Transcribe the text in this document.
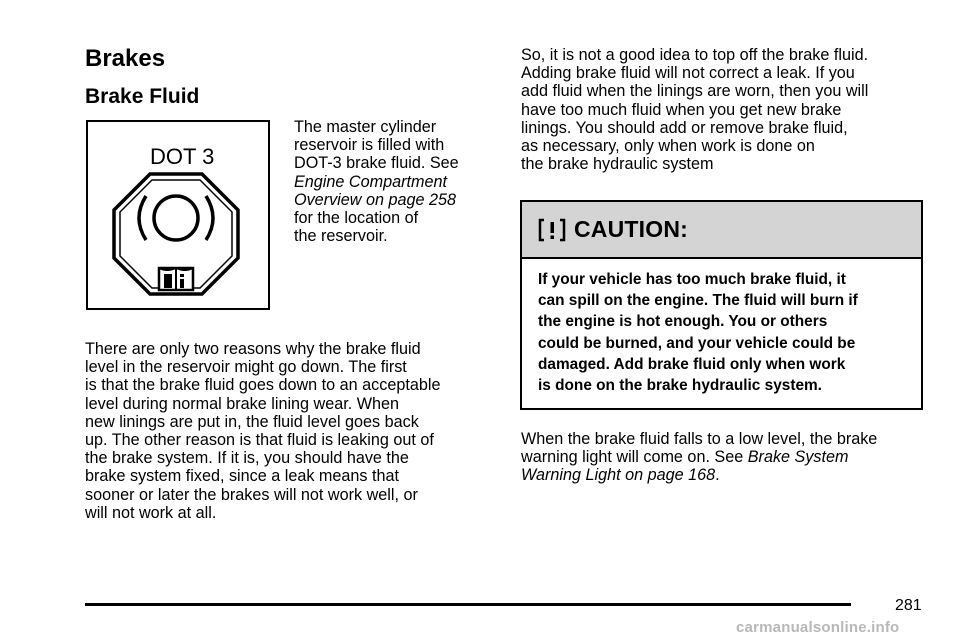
Brakes
Brake Fluid
DOT 3
The master cylinder
reservoir is filled with
DOT-3 brake fluid. See
Engine Compartment
Overview on page 258
for the location of
the reservoir.
There are only two reasons why the brake fluid
level in the reservoir might go down. The first
is that the brake fluid goes down to an acceptable
level during normal brake lining wear. When
new linings are put in, the fluid level goes back
up. The other reason is that fluid is leaking out of
the brake system. If it is, you should have the
brake system fixed, since a leak means that
sooner or later the brakes will not work well, or
will not work at all.
So, it is not a good idea to top off the brake fluid.
Adding brake fluid will not correct a leak. If you
add fluid when the linings are worn, then you will
have too much fluid when you get new brake
linings. You should add or remove brake fluid,
as necessary, only when work is done on
the brake hydraulic system
CAUTION:
If your vehicle has too much brake fluid, it
can spill on the engine. The fluid will burn if
the engine is hot enough. You or others
could be burned, and your vehicle could be
damaged. Add brake fluid only when work
is done on the brake hydraulic system.
When the brake fluid falls to a low level, the brake
warning light will come on. See Brake System
Warning Light on page 168.
281
carmanualsonline.info
